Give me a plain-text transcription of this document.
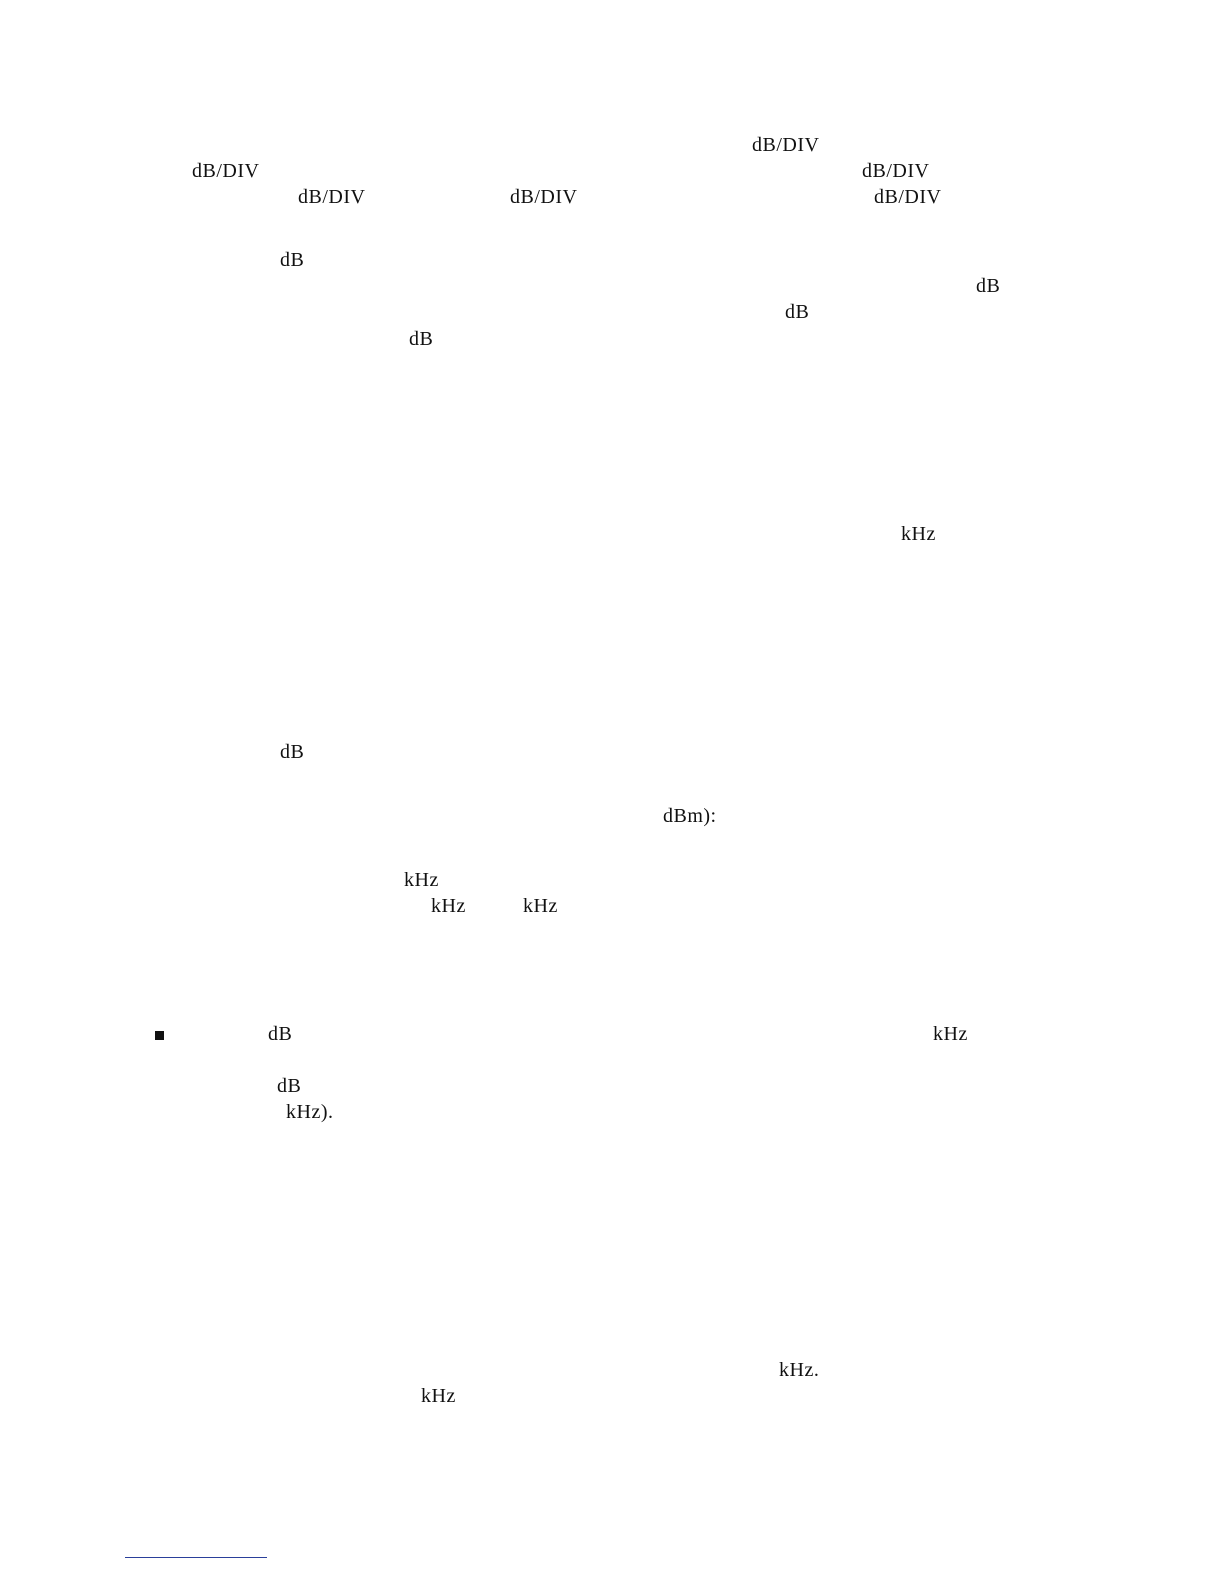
dB/DIV
dB/DIV	dB/DIV
dB/DIV	dB/DIV	dB/DIV
dB
dB
dB
dB
kHz
dB
dBm):
kHz
kHz	kHz
dB	kHz
dB
kHz).
kHz.
kHz
